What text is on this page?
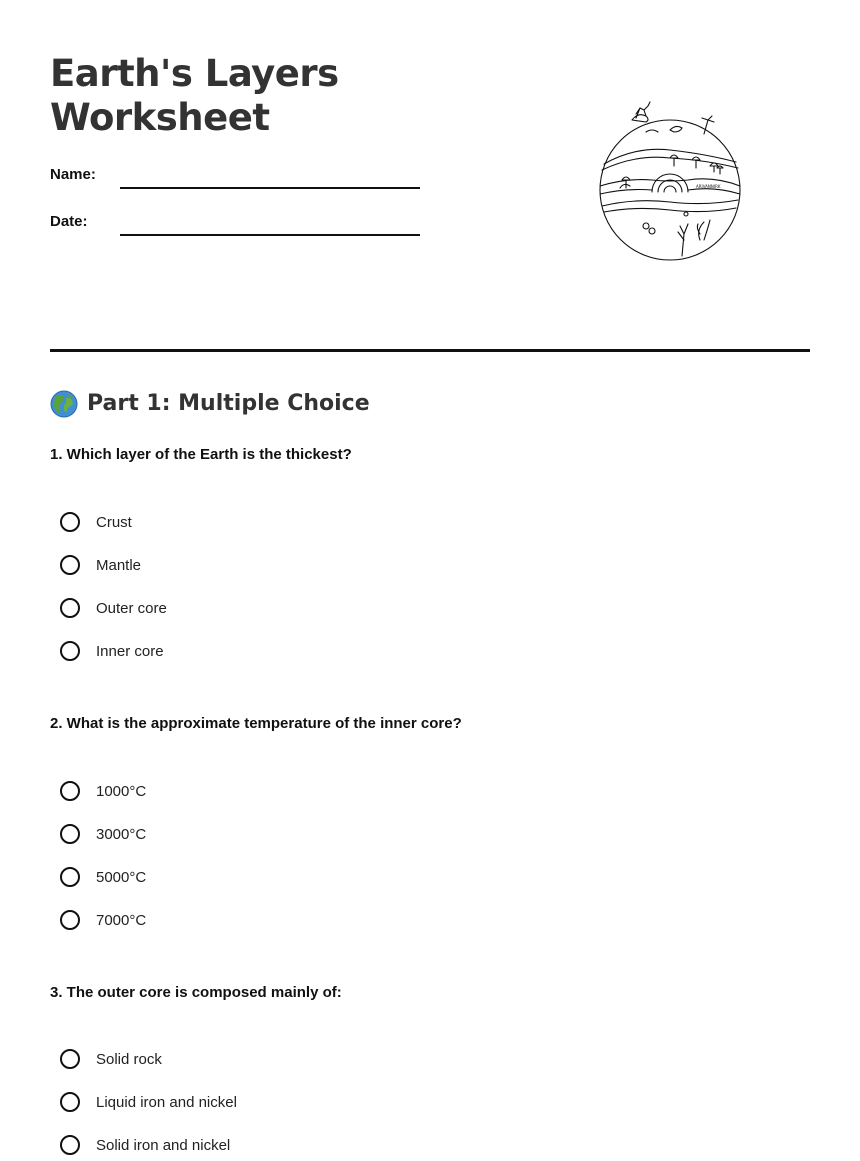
Earth's Layers
Worksheet
Name:
Date:
ARIVANNIRK
Part 1: Multiple Choice
1. Which layer of the Earth is the thickest?
Crust
Mantle
Outer core
Inner core
2. What is the approximate temperature of the inner core?
1000°C
3000°C
5000°C
7000°C
3. The outer core is composed mainly of:
Solid rock
Liquid iron and nickel
Solid iron and nickel
